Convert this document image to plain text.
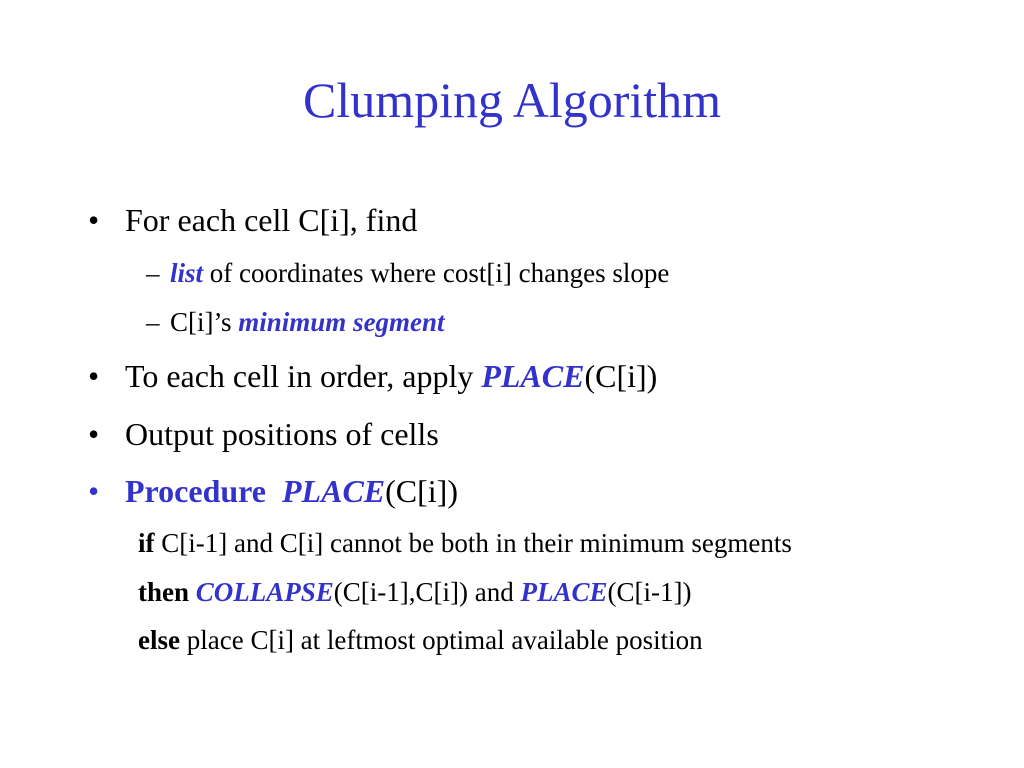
Clumping Algorithm
• For each cell C[i], find
– list of coordinates where cost[i] changes slope
– C[i]’s minimum segment
• To each cell in order, apply PLACE(C[i])
• Output positions of cells
• Procedure PLACE(C[i])
if C[i-1] and C[i] cannot be both in their minimum segments
then COLLAPSE(C[i-1],C[i]) and PLACE(C[i-1])
else place C[i] at leftmost optimal available position
